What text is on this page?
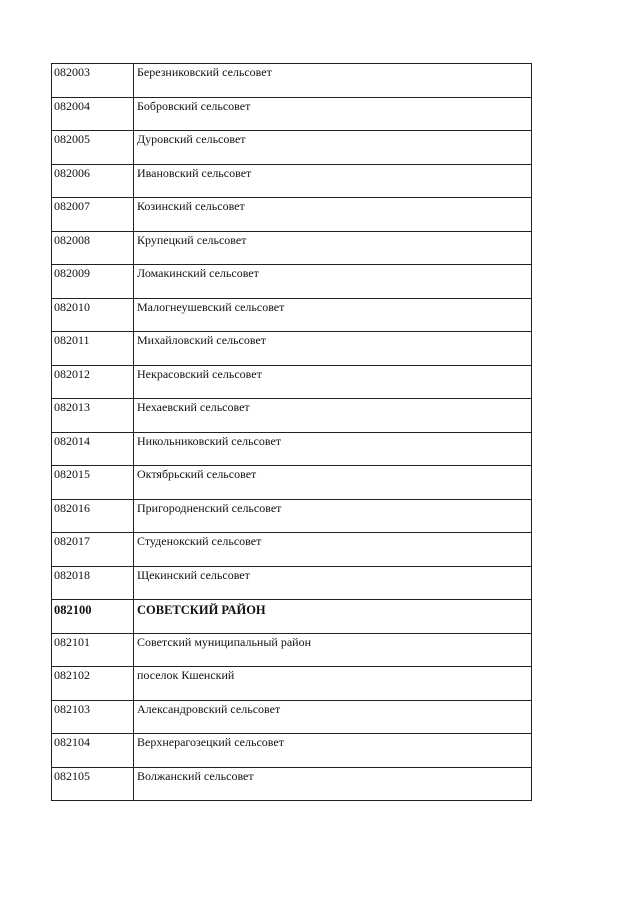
082003	Березниковский сельсовет
082004	Бобровский сельсовет
082005	Дуровский сельсовет
082006	Ивановский сельсовет
082007	Козинский сельсовет
082008	Крупецкий сельсовет
082009	Ломакинский сельсовет
082010	Малогнеушевский сельсовет
082011	Михайловский сельсовет
082012	Некрасовский сельсовет
082013	Нехаевский сельсовет
082014	Никольниковский сельсовет
082015	Октябрьский сельсовет
082016	Пригородненский сельсовет
082017	Студенокский сельсовет
082018	Щекинский сельсовет
082100	СОВЕТСКИЙ РАЙОН
082101	Советский муниципальный район
082102	поселок Кшенский
082103	Александровский сельсовет
082104	Верхнерагозецкий сельсовет
082105	Волжанский сельсовет
